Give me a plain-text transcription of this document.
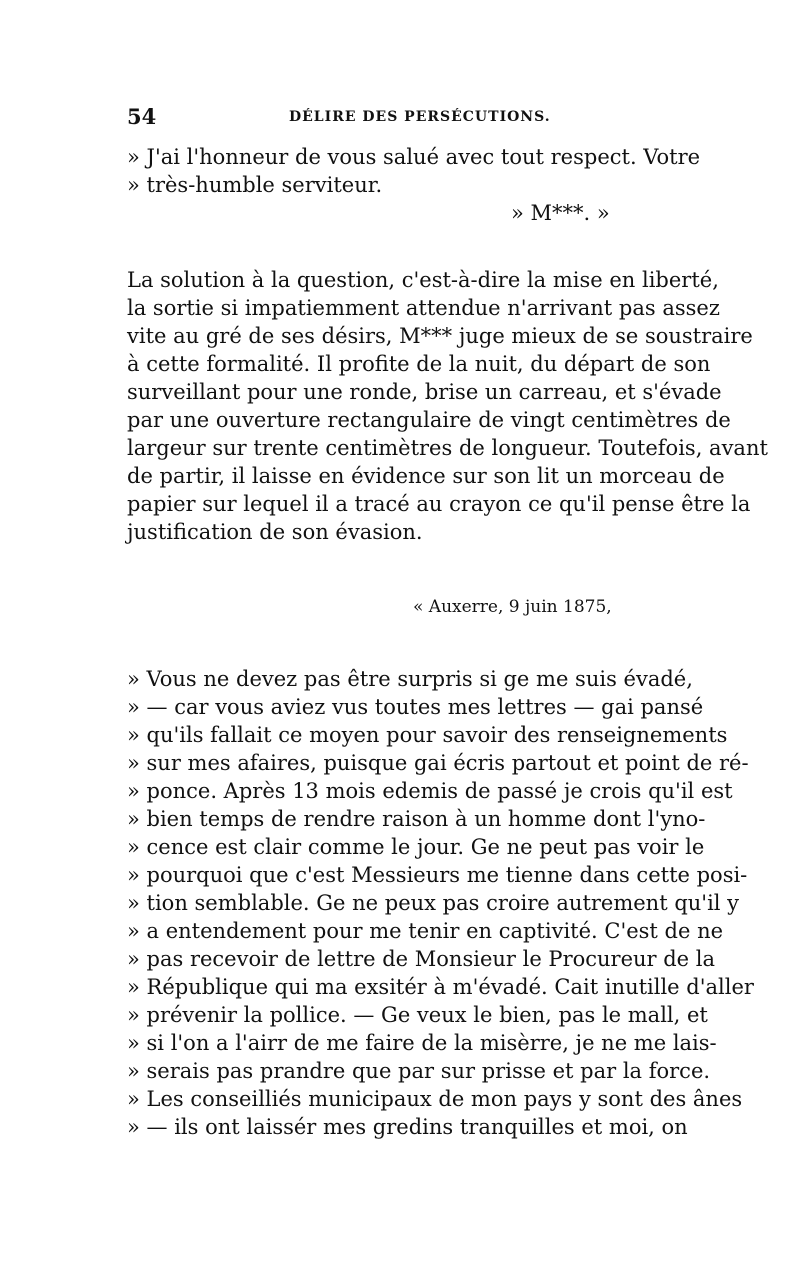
54	DÉLIRE DES PERSÉCUTIONS.
» J'ai l'honneur de vous salué avec tout respect. Votre
» très-humble serviteur.
» M***. »
La solution à la question, c'est-à-dire la mise en liberté,
la sortie si impatiemment attendue n'arrivant pas assez
vite au gré de ses désirs, M*** juge mieux de se soustraire
à cette formalité. Il profite de la nuit, du départ de son
surveillant pour une ronde, brise un carreau, et s'évade
par une ouverture rectangulaire de vingt centimètres de
largeur sur trente centimètres de longueur. Toutefois, avant
de partir, il laisse en évidence sur son lit un morceau de
papier sur lequel il a tracé au crayon ce qu'il pense être la
justification de son évasion.
« Auxerre, 9 juin 1875,
» Vous ne devez pas être surpris si ge me suis évadé,
» — car vous aviez vus toutes mes lettres — gai pansé
» qu'ils fallait ce moyen pour savoir des renseignements
» sur mes afaires, puisque gai écris partout et point de ré-
» ponce. Après 13 mois edemis de passé je crois qu'il est
» bien temps de rendre raison à un homme dont l'yno-
» cence est clair comme le jour. Ge ne peut pas voir le
» pourquoi que c'est Messieurs me tienne dans cette posi-
» tion semblable. Ge ne peux pas croire autrement qu'il y
» a entendement pour me tenir en captivité. C'est de ne
» pas recevoir de lettre de Monsieur le Procureur de la
» République qui ma exsitér à m'évadé. Cait inutille d'aller
» prévenir la pollice. — Ge veux le bien, pas le mall, et
» si l'on a l'airr de me faire de la misèrre, je ne me lais-
» serais pas prandre que par sur prisse et par la force.
» Les conseilliés municipaux de mon pays y sont des ânes
» — ils ont laissér mes gredins tranquilles et moi, on
